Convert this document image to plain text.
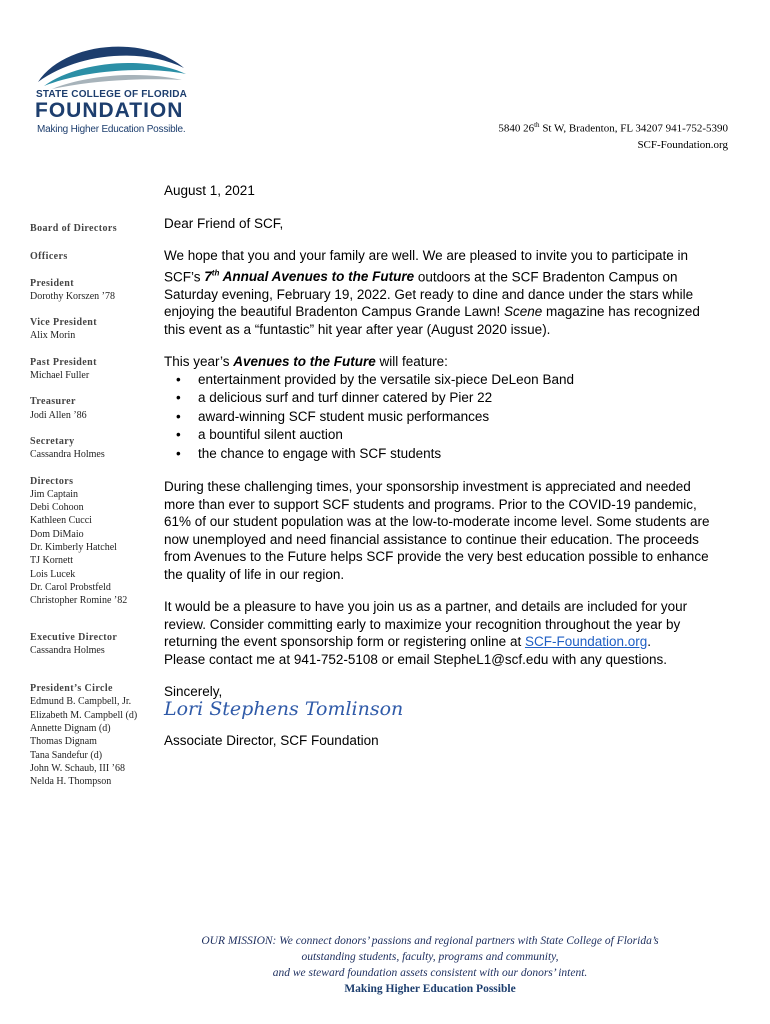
STATE COLLEGE OF FLORIDA
FOUNDATION
Making Higher Education Possible.	5840 26th St W, Bradenton, FL 34207 941-752-5390
SCF-Foundation.org

Board of Directors

Officers

President

Dorothy Korszen ’78

Vice President

Alix Morin

Past President

Michael Fuller

Treasurer

Jodi Allen ’86

Secretary

Cassandra Holmes

Directors

Jim Captain

Debi Cohoon

Kathleen Cucci

Dom DiMaio

Dr. Kimberly Hatchel

TJ Kornett

Lois Lucek

Dr. Carol Probstfeld

Christopher Romine ’82

Executive Director

Cassandra Holmes

President’s Circle

Edmund B. Campbell, Jr.

Elizabeth M. Campbell (d)

Annette Dignam (d)

Thomas Dignam

Tana Sandefur (d)

John W. Schaub, III ’68

Nelda H. Thompson

August 1, 2021

Dear Friend of SCF,

We hope that you and your family are well. We are pleased to invite you to participate in SCF’s 7th Annual Avenues to the Future outdoors at the SCF Bradenton Campus on Saturday evening, February 19, 2022. Get ready to dine and dance under the stars while enjoying the beautiful Bradenton Campus Grande Lawn! Scene magazine has recognized this event as a “funtastic” hit year after year (August 2020 issue).

This year’s Avenues to the Future will feature:

• entertainment provided by the versatile six-piece DeLeon Band
• a delicious surf and turf dinner catered by Pier 22
• award-winning SCF student music performances
• a bountiful silent auction
• the chance to engage with SCF students

During these challenging times, your sponsorship investment is appreciated and needed more than ever to support SCF students and programs. Prior to the COVID-19 pandemic, 61% of our student population was at the low-to-moderate income level. Some students are now unemployed and need financial assistance to continue their education. The proceeds from Avenues to the Future helps SCF provide the very best education possible to enhance the quality of life in our region.

It would be a pleasure to have you join us as a partner, and details are included for your review. Consider committing early to maximize your recognition throughout the year by returning the event sponsorship form or registering online at SCF-Foundation.org.
Please contact me at 941-752-5108 or email StepheL1@scf.edu with any questions.

Sincerely,

Lori Stephens Tomlinson

Associate Director, SCF Foundation

OUR MISSION: We connect donors’ passions and regional partners with State College of Florida’s
outstanding students, faculty, programs and community,
and we steward foundation assets consistent with our donors’ intent.
Making Higher Education Possible
